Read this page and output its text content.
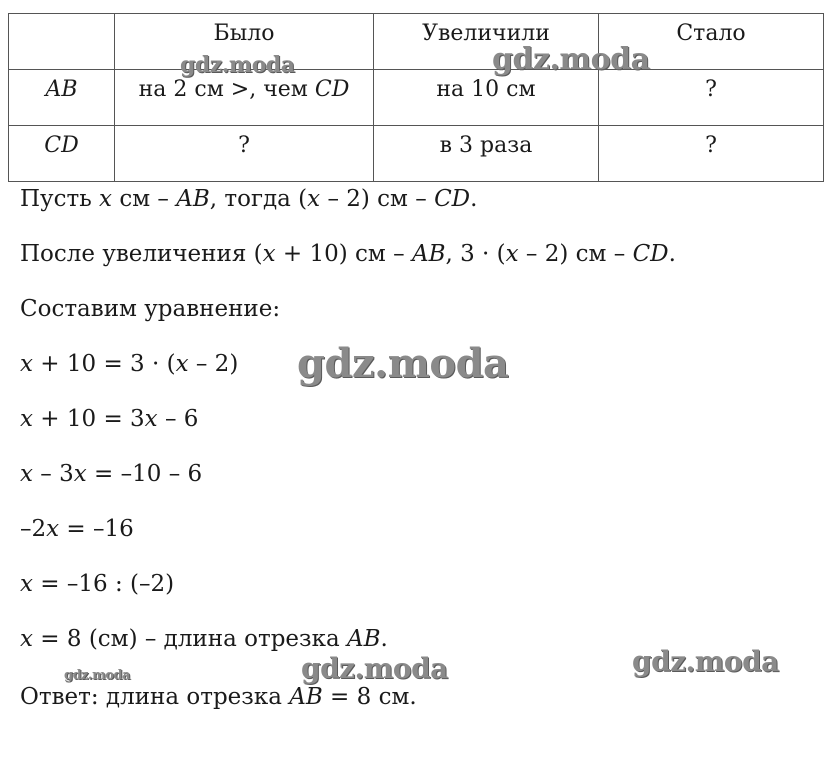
	Было	Увеличили	Стало

AB	на 2 см >, чем CD	на 10 см	?

CD	?	в 3 раза	?
Пусть x см – AB, тогда (x – 2) см – CD.
После увеличения (x + 10) см – AB, 3 · (x – 2) см – CD.
Составим уравнение:
x + 10 = 3 · (x – 2)
x + 10 = 3x – 6
x – 3x = –10 – 6
–2x = –16
x = –16 : (–2)
x = 8 (см) – длина отрезка AB.
Ответ: длина отрезка AB = 8 см.
gdz.moda	gdz.moda
gdz.moda
gdz.moda
gdz.moda
gdz.moda
